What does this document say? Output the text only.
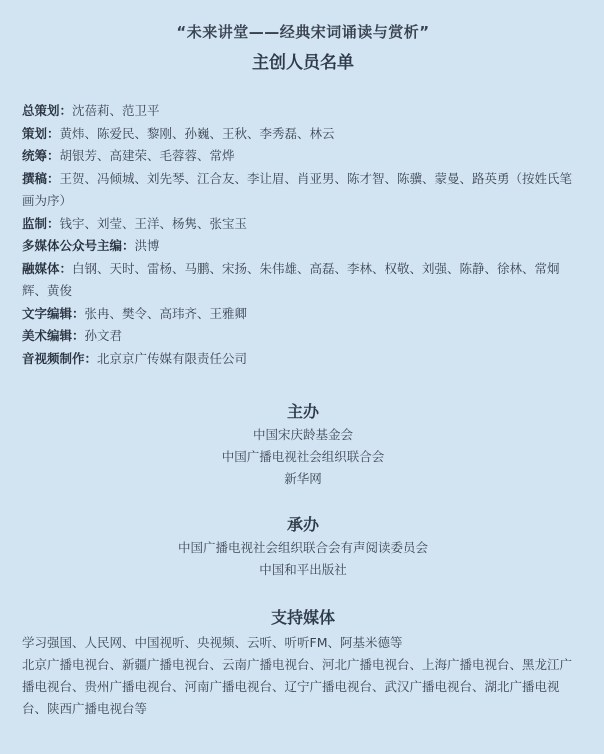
“未来讲堂——经典宋词诵读与赏析”
主创人员名单

总策划：沈蓓莉、范卫平

策划：黄炜、陈爱民、黎刚、孙巍、王秋、李秀磊、林云

统筹：胡银芳、高建荣、毛蓉蓉、常烨

撰稿：王贺、冯倾城、刘先琴、江合友、李让眉、肖亚男、陈才智、陈骥、蒙曼、路英勇（按姓氏笔画为序）

监制：钱宇、刘莹、王洋、杨隽、张宝玉

多媒体公众号主编：洪博

融媒体：白钢、天时、雷杨、马鹏、宋扬、朱伟雄、高磊、李林、权敬、刘强、陈静、徐林、常炯辉、黄俊

文字编辑：张冉、樊令、高玮齐、王雅卿

美术编辑：孙文君

音视频制作：北京京广传媒有限责任公司

主办
中国宋庆龄基金会
中国广播电视社会组织联合会
新华网
承办
中国广播电视社会组织联合会有声阅读委员会
中国和平出版社
支持媒体
学习强国、人民网、中国视听、央视频、云听、听听FM、阿基米德等
北京广播电视台、新疆广播电视台、云南广播电视台、河北广播电视台、上海广播电视台、黑龙江广播电视台、贵州广播电视台、河南广播电视台、辽宁广播电视台、武汉广播电视台、湖北广播电视台、陕西广播电视台等
